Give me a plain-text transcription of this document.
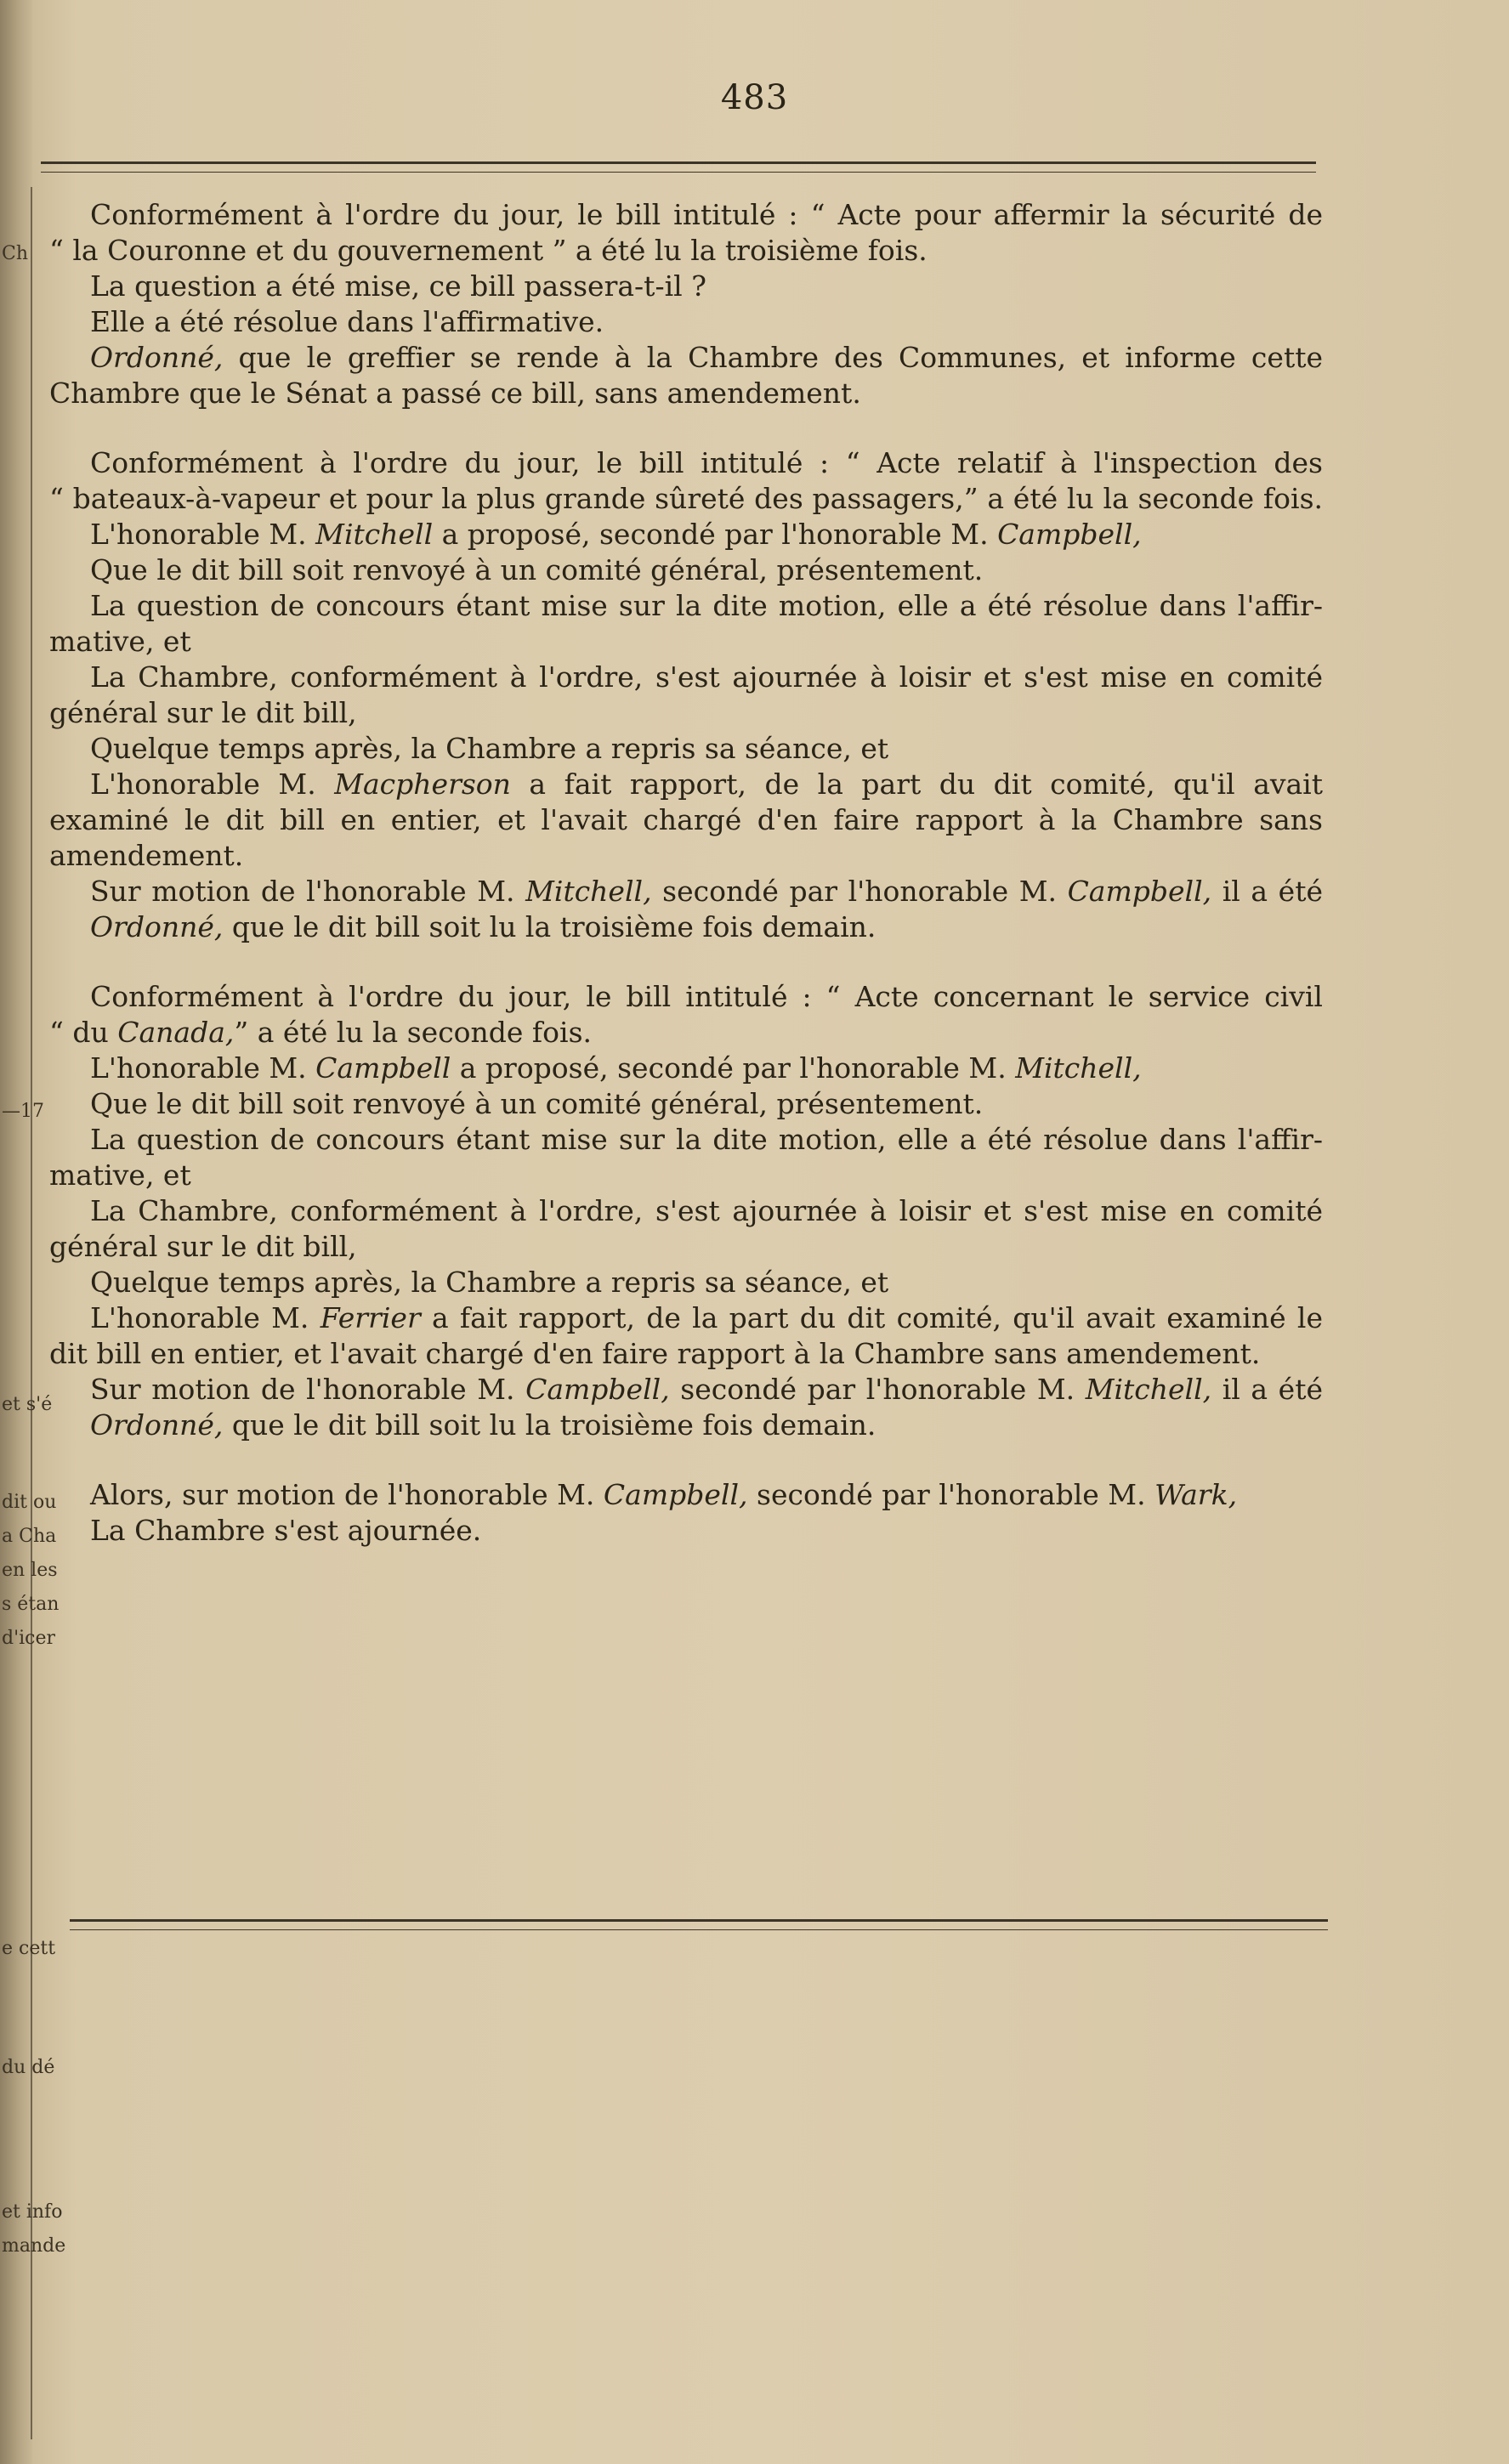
Ch
—17
et s'é
dit ou
a Cha
en les
s étan
d'icer
e cett
du dé
et info
mande
483
Conformément à l'ordre du jour, le bill intitulé : “ Acte pour affermir la sécurité de
“ la Couronne et du gouvernement ” a été lu la troisième fois.
La question a été mise, ce bill passera-t-il ?
Elle a été résolue dans l'affirmative.
Ordonné, que le greffier se rende à la Chambre des Communes, et informe cette
Chambre que le Sénat a passé ce bill, sans amendement.
Conformément à l'ordre du jour, le bill intitulé : “ Acte relatif à l'inspection des
“ bateaux-à-vapeur et pour la plus grande sûreté des passagers,” a été lu la seconde fois.
L'honorable M. Mitchell a proposé, secondé par l'honorable M. Campbell,
Que le dit bill soit renvoyé à un comité général, présentement.
La question de concours étant mise sur la dite motion, elle a été résolue dans l'affir-
mative, et
La Chambre, conformément à l'ordre, s'est ajournée à loisir et s'est mise en comité
général sur le dit bill,
Quelque temps après, la Chambre a repris sa séance, et
L'honorable M. Macpherson a fait rapport, de la part du dit comité, qu'il avait
examiné le dit bill en entier, et l'avait chargé d'en faire rapport à la Chambre sans
amendement.
Sur motion de l'honorable M. Mitchell, secondé par l'honorable M. Campbell, il a été
Ordonné, que le dit bill soit lu la troisième fois demain.
Conformément à l'ordre du jour, le bill intitulé : “ Acte concernant le service civil
“ du Canada,” a été lu la seconde fois.
L'honorable M. Campbell a proposé, secondé par l'honorable M. Mitchell,
Que le dit bill soit renvoyé à un comité général, présentement.
La question de concours étant mise sur la dite motion, elle a été résolue dans l'affir-
mative, et
La Chambre, conformément à l'ordre, s'est ajournée à loisir et s'est mise en comité
général sur le dit bill,
Quelque temps après, la Chambre a repris sa séance, et
L'honorable M. Ferrier a fait rapport, de la part du dit comité, qu'il avait examiné le
dit bill en entier, et l'avait chargé d'en faire rapport à la Chambre sans amendement.
Sur motion de l'honorable M. Campbell, secondé par l'honorable M. Mitchell, il a été
Ordonné, que le dit bill soit lu la troisième fois demain.
Alors, sur motion de l'honorable M. Campbell, secondé par l'honorable M. Wark,
La Chambre s'est ajournée.
